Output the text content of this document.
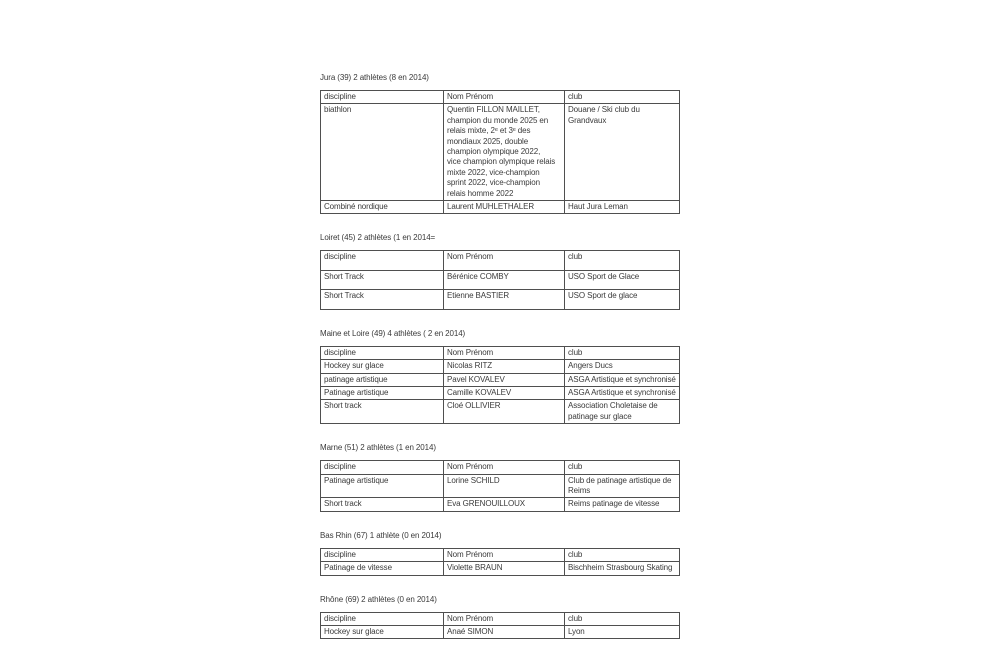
Jura (39) 2 athlètes (8 en 2014)

discipline	Nom Prénom	club
biathlon	Quentin FILLON MAILLET, champion du monde 2025 en relais mixte, 2ᵉ et 3ᵉ des mondiaux 2025, double champion olympique 2022, vice champion olympique relais mixte 2022, vice-champion sprint 2022, vice-champion relais homme 2022	Douane / Ski club du Grandvaux
Combiné nordique	Laurent MUHLETHALER	Haut Jura Leman

Loiret (45) 2 athlètes (1 en 2014=

discipline	Nom Prénom	club
Short Track	Bérénice COMBY	USO Sport de Glace
Short Track	Etienne BASTIER	USO Sport de glace

Maine et Loire (49) 4 athlètes ( 2 en 2014)

discipline	Nom Prénom	club
Hockey sur glace	Nicolas RITZ	Angers Ducs
patinage artistique	Pavel KOVALEV	ASGA Artistique et synchronisé
Patinage artistique	Camille KOVALEV	ASGA Artistique et synchronisé
Short track	Cloé OLLIVIER	Association Choletaise de patinage sur glace

Marne (51) 2 athlètes (1 en 2014)

discipline	Nom Prénom	club
Patinage artistique	Lorine SCHILD	Club de patinage artistique de Reims
Short track	Eva GRENOUILLOUX	Reims patinage de vitesse

Bas Rhin (67) 1 athlète (0 en 2014)

discipline	Nom Prénom	club
Patinage de vitesse	Violette BRAUN	Bischheim Strasbourg Skating

Rhône (69) 2 athlètes (0 en 2014)

discipline	Nom Prénom	club
Hockey sur glace	Anaé SIMON	Lyon
